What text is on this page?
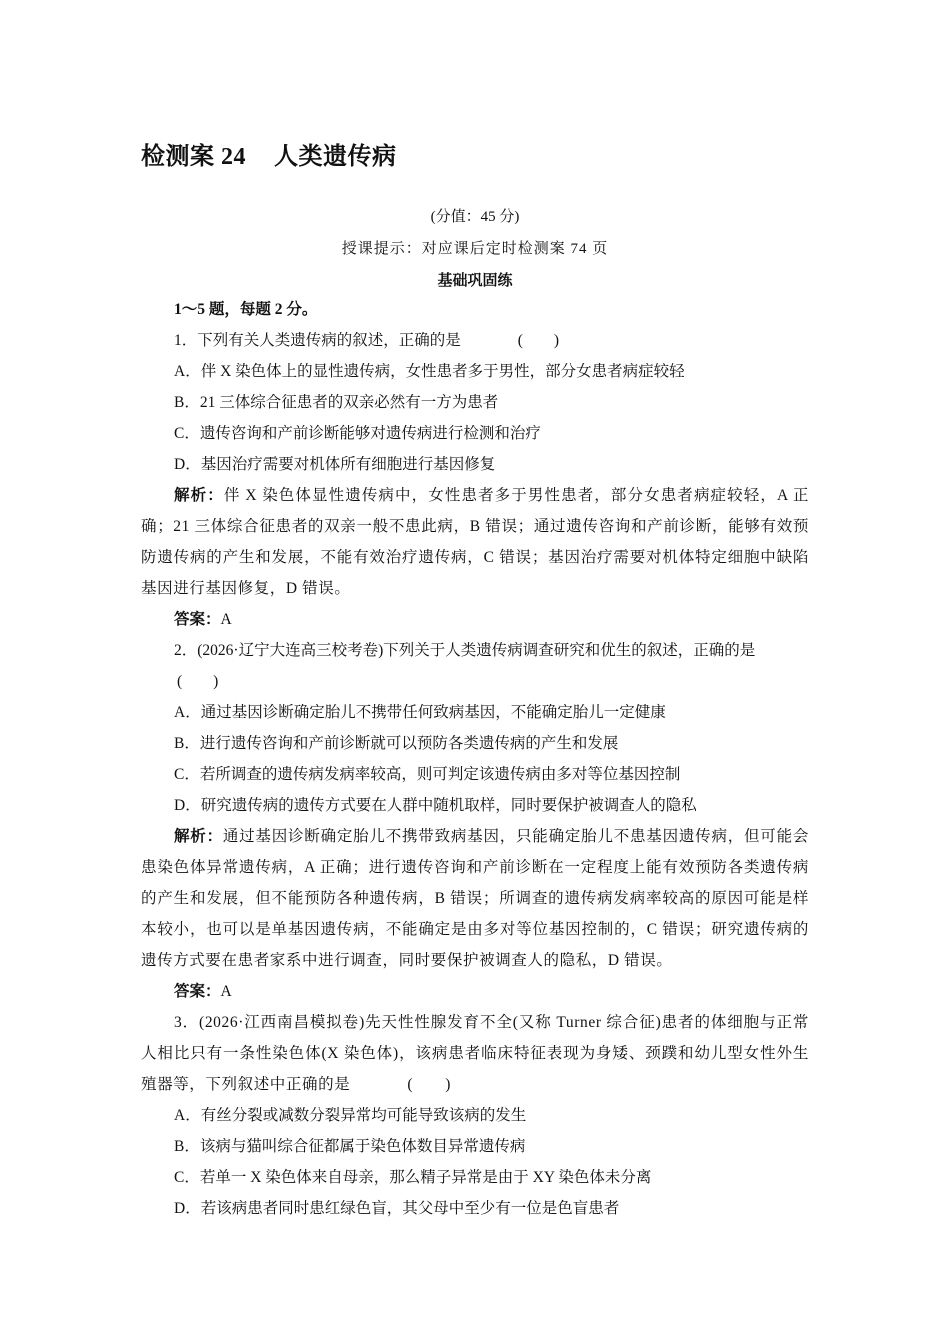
检测案 24 人类遗传病
(分值：45 分)
授课提示：对应课后定时检测案 74 页
基础巩固练

1～5 题，每题 2 分。

1．下列有关人类遗传病的叙述，正确的是	(　　)

A．伴 X 染色体上的显性遗传病，女性患者多于男性，部分女患者病症较轻

B．21 三体综合征患者的双亲必然有一方为患者

C．遗传咨询和产前诊断能够对遗传病进行检测和治疗

D．基因治疗需要对机体所有细胞进行基因修复

解析：伴 X 染色体显性遗传病中，女性患者多于男性患者，部分女患者病症较轻，A 正确；21 三体综合征患者的双亲一般不患此病，B 错误；通过遗传咨询和产前诊断，能够有效预防遗传病的产生和发展，不能有效治疗遗传病，C 错误；基因治疗需要对机体特定细胞中缺陷基因进行基因修复，D 错误。

答案：A

2．(2026·辽宁大连高三校考卷)下列关于人类遗传病调查研究和优生的叙述，正确的是

(　　)

A．通过基因诊断确定胎儿不携带任何致病基因，不能确定胎儿一定健康

B．进行遗传咨询和产前诊断就可以预防各类遗传病的产生和发展

C．若所调查的遗传病发病率较高，则可判定该遗传病由多对等位基因控制

D．研究遗传病的遗传方式要在人群中随机取样，同时要保护被调查人的隐私

解析：通过基因诊断确定胎儿不携带致病基因，只能确定胎儿不患基因遗传病，但可能会患染色体异常遗传病，A 正确；进行遗传咨询和产前诊断在一定程度上能有效预防各类遗传病的产生和发展，但不能预防各种遗传病，B 错误；所调查的遗传病发病率较高的原因可能是样本较小，也可以是单基因遗传病，不能确定是由多对等位基因控制的，C 错误；研究遗传病的遗传方式要在患者家系中进行调查，同时要保护被调查人的隐私，D 错误。

答案：A

3．(2026·江西南昌模拟卷)先天性性腺发育不全(又称 Turner 综合征)患者的体细胞与正常人相比只有一条性染色体(X 染色体)，该病患者临床特征表现为身矮、颈蹼和幼儿型女性外生殖器等，下列叙述中正确的是	(　　)

A．有丝分裂或减数分裂异常均可能导致该病的发生

B．该病与猫叫综合征都属于染色体数目异常遗传病

C．若单一 X 染色体来自母亲，那么精子异常是由于 XY 染色体未分离

D．若该病患者同时患红绿色盲，其父母中至少有一位是色盲患者
